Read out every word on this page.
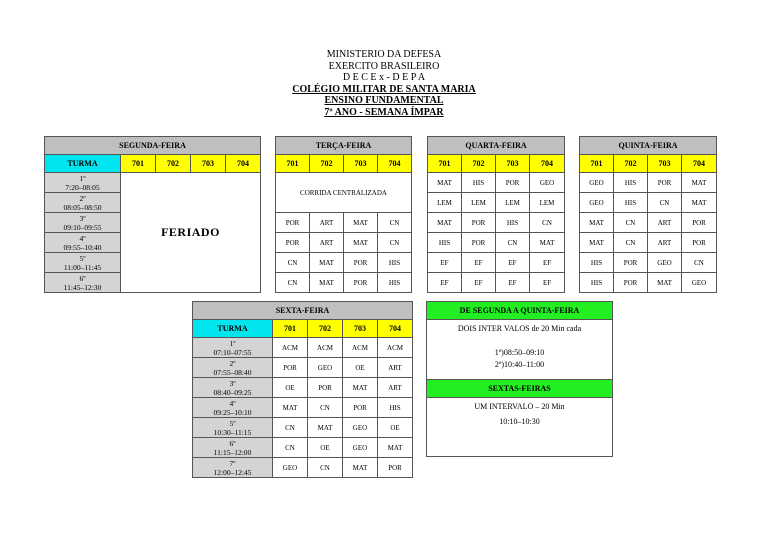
MINISTERIO DA DEFESA
EXERCITO BRASILEIRO
D E C E x - D E P A
COLÉGIO MILITAR DE SANTA MARIA
ENSINO FUNDAMENTAL
7º ANO - SEMANA ÍMPAR
SEGUNDA-FEIRA				
TURMA	701	702	703	704

1º
7:20–08:05	FERIADO			

2º
08:05–08:50				

3º
09:10–09:55				

4º
09:55–10:40				

5º
11:00–11:45				

6º
11:45–12:30				
TERÇA-FEIRA			
701	702	703	704
CORRIDA CENTRALIZADA			
POR	ART	MAT	CN
POR	ART	MAT	CN
CN	MAT	POR	HIS
CN	MAT	POR	HIS
QUARTA-FEIRA			
701	702	703	704
MAT	HIS	POR	GEO
LEM	LEM	LEM	LEM
MAT	POR	HIS	CN
HIS	POR	CN	MAT
EF	EF	EF	EF
EF	EF	EF	EF
QUINTA-FEIRA			
701	702	703	704
GEO	HIS	POR	MAT
GEO	HIS	CN	MAT
MAT	CN	ART	POR
MAT	CN	ART	POR
HIS	POR	GEO	CN
HIS	POR	MAT	GEO
SEXTA-FEIRA				
TURMA	701	702	703	704

1º
07:10–07:55	ACM	ACM	ACM	ACM

2º
07:55–08:40	POR	GEO	OE	ART

3º
08:40–09:25	OE	POR	MAT	ART

4º
09:25–10:10	MAT	CN	POR	HIS

5º
10:30–11:15	CN	MAT	GEO	OE

6º
11:15–12:00	CN	OE	GEO	MAT

7º
12:00–12:45	GEO	CN	MAT	POR
DE SEGUNDA A QUINTA-FEIRA
DOIS INTER VALOS de 20 Min cada
1º)08:50–09:10
2º)10:40–11:00
SEXTAS-FEIRAS
UM INTERVALO – 20 Min
10:10–10:30
